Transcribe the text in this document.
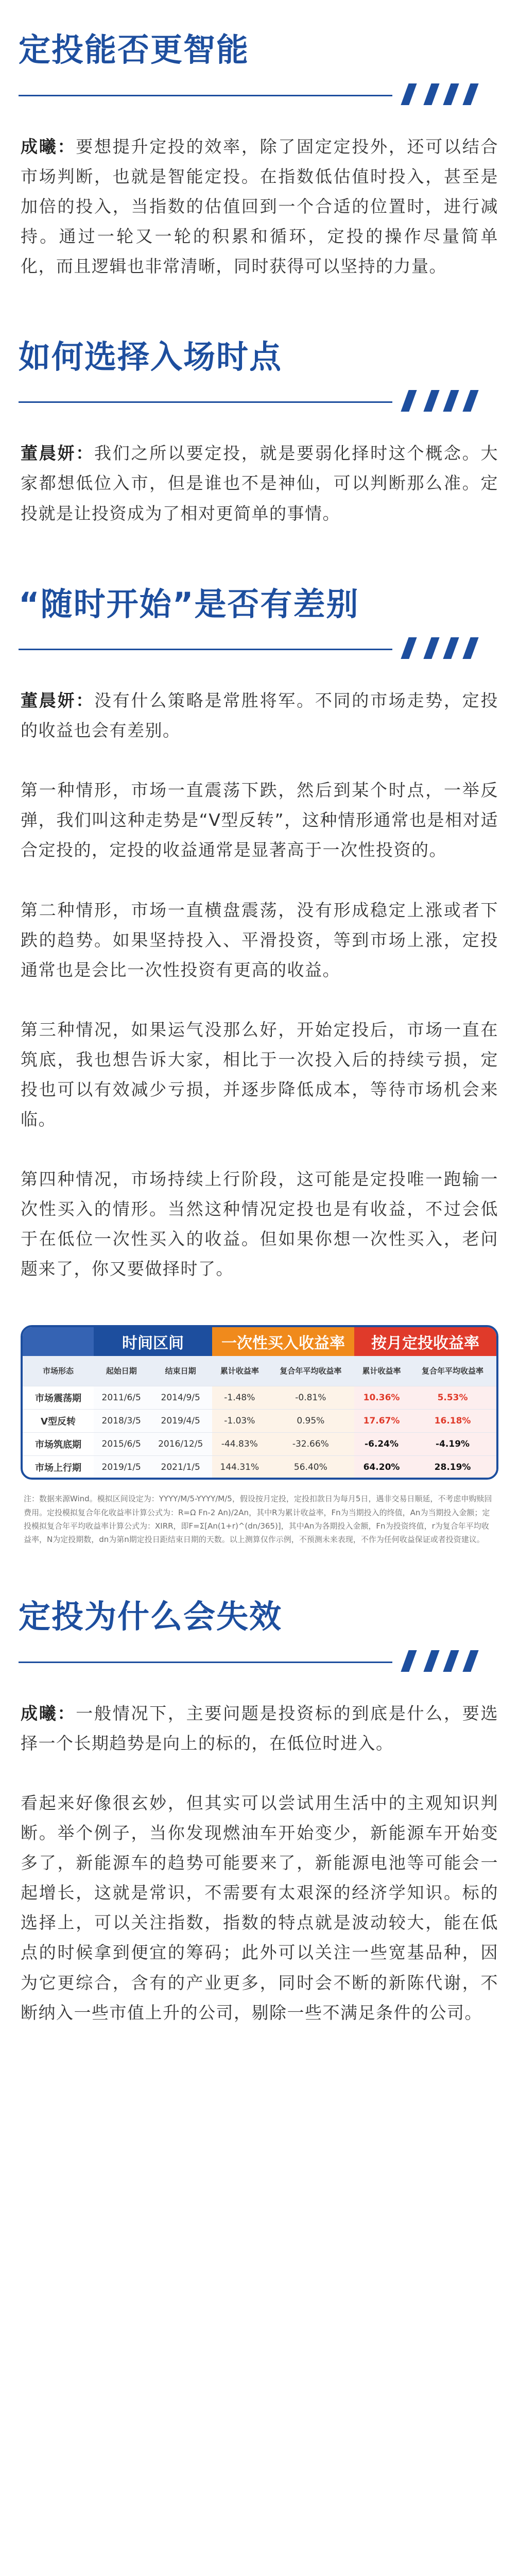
定投能否更智能

成曦：要想提升定投的效率，除了固定定投外，还可以结合市场判断，也就是智能定投。在指数低估值时投入，甚至是加倍的投入，当指数的估值回到一个合适的位置时，进行减持。通过一轮又一轮的积累和循环，定投的操作尽量简单化，而且逻辑也非常清晰，同时获得可以坚持的力量。

如何选择入场时点

董晨妍：我们之所以要定投，就是要弱化择时这个概念。大家都想低位入市，但是谁也不是神仙，可以判断那么准。定投就是让投资成为了相对更简单的事情。

“随时开始”是否有差别

董晨妍：没有什么策略是常胜将军。不同的市场走势，定投的收益也会有差别。

第一种情形，市场一直震荡下跌，然后到某个时点，一举反弹，我们叫这种走势是“V型反转”，这种情形通常也是相对适合定投的，定投的收益通常是显著高于一次性投资的。

第二种情形，市场一直横盘震荡，没有形成稳定上涨或者下跌的趋势。如果坚持投入、平滑投资，等到市场上涨，定投通常也是会比一次性投资有更高的收益。

第三种情况，如果运气没那么好，开始定投后，市场一直在筑底，我也想告诉大家，相比于一次投入后的持续亏损，定投也可以有效减少亏损，并逐步降低成本，等待市场机会来临。

第四种情况，市场持续上行阶段，这可能是定投唯一跑输一次性买入的情形。当然这种情况定投也是有收益，不过会低于在低位一次性买入的收益。但如果你想一次性买入，老问题来了，你又要做择时了。

	时间区间		一次性买入收益率		按月定投收益率	
市场形态	起始日期	结束日期	累计收益率	复合年平均收益率	累计收益率	复合年平均收益率
市场震荡期	2011/6/5	2014/9/5	-1.48%	-0.81%	10.36%	5.53%
V型反转	2018/3/5	2019/4/5	-1.03%	0.95%	17.67%	16.18%
市场筑底期	2015/6/5	2016/12/5	-44.83%	-32.66%	-6.24%	-4.19%
市场上行期	2019/1/5	2021/1/5	144.31%	56.40%	64.20%	28.19%

注：数据来源Wind。模拟区间设定为：YYYY/M/5-YYYY/M/5，假设按月定投，定投扣款日为每月5日，遇非交易日顺延，不考虑申购赎回费用。定投模拟复合年化收益率计算公式为：R=Ω Fn-2 An)/2An，其中R为累计收益率，Fn为当期投入的终值，An为当期投入金额；定投模拟复合年平均收益率计算公式为：XIRR，即F=Σ[An(1+r)^(dn/365)]，其中An为各期投入金额，Fn为投资终值，r为复合年平均收益率，N为定投期数，dn为第n期定投日距结束日期的天数。以上测算仅作示例，不预测未来表现，不作为任何收益保证或者投资建议。

定投为什么会失效

成曦：一般情况下，主要问题是投资标的到底是什么，要选择一个长期趋势是向上的标的，在低位时进入。

看起来好像很玄妙，但其实可以尝试用生活中的主观知识判断。举个例子，当你发现燃油车开始变少，新能源车开始变多了，新能源车的趋势可能要来了，新能源电池等可能会一起增长，这就是常识，不需要有太艰深的经济学知识。标的选择上，可以关注指数，指数的特点就是波动较大，能在低点的时候拿到便宜的筹码；此外可以关注一些宽基品种，因为它更综合，含有的产业更多，同时会不断的新陈代谢，不断纳入一些市值上升的公司，剔除一些不满足条件的公司。
